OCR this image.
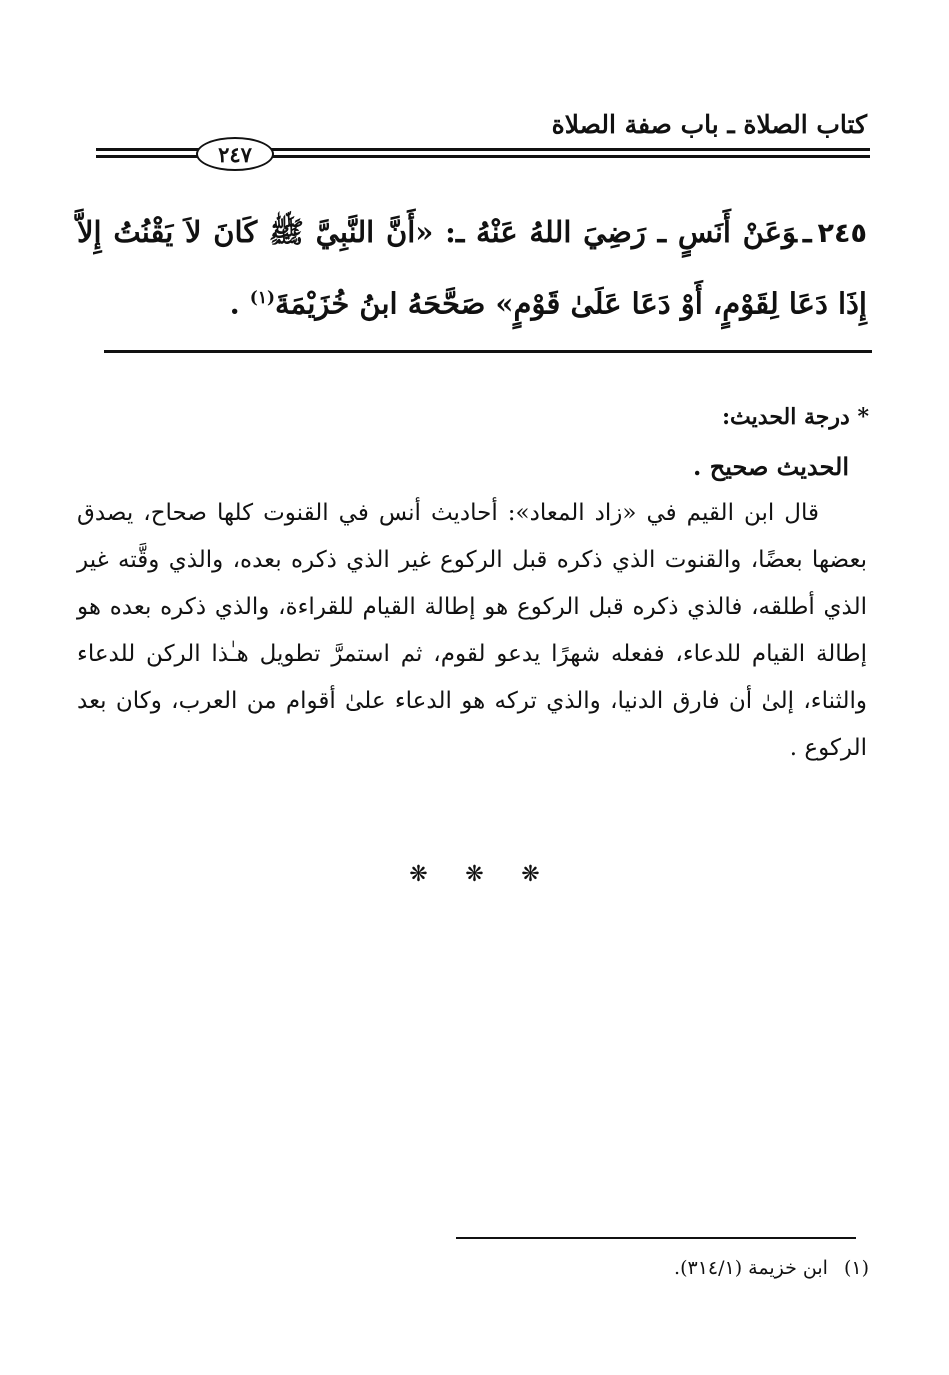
كتاب الصلاة ـ باب صفة الصلاة
٢٤٧
٢٤٥ـوَعَنْ أَنَسٍ ـ رَضِيَ اللهُ عَنْهُ ـ: «أَنَّ النَّبِيَّ ﷺ كَانَ لاَ يَقْنُتُ إِلاَّ إِذَا دَعَا لِقَوْمٍ، أَوْ دَعَا عَلَىٰ قَوْمٍ» صَحَّحَهُ ابنُ خُزَيْمَةَ$^{(١)}$ .
* درجة الحديث:
الحديث صحيح .

قال ابن القيم في «زاد المعاد»: أحاديث أنس في القنوت كلها صحاح، يصدق بعضها بعضًا، والقنوت الذي ذكره قبل الركوع غير الذي ذكره بعده، والذي وقَّته غير الذي أطلقه، فالذي ذكره قبل الركوع هو إطالة القيام للقراءة، والذي ذكره بعده هو إطالة القيام للدعاء، ففعله شهرًا يدعو لقوم، ثم استمرَّ تطويل هـٰذا الركن للدعاء والثناء، إلىٰ أن فارق الدنيا، والذي تركه هو الدعاء علىٰ أقوام من العرب، وكان بعد الركوع .

❋ ❋ ❋
(١)ابن خزيمة (٣١٤/١).
